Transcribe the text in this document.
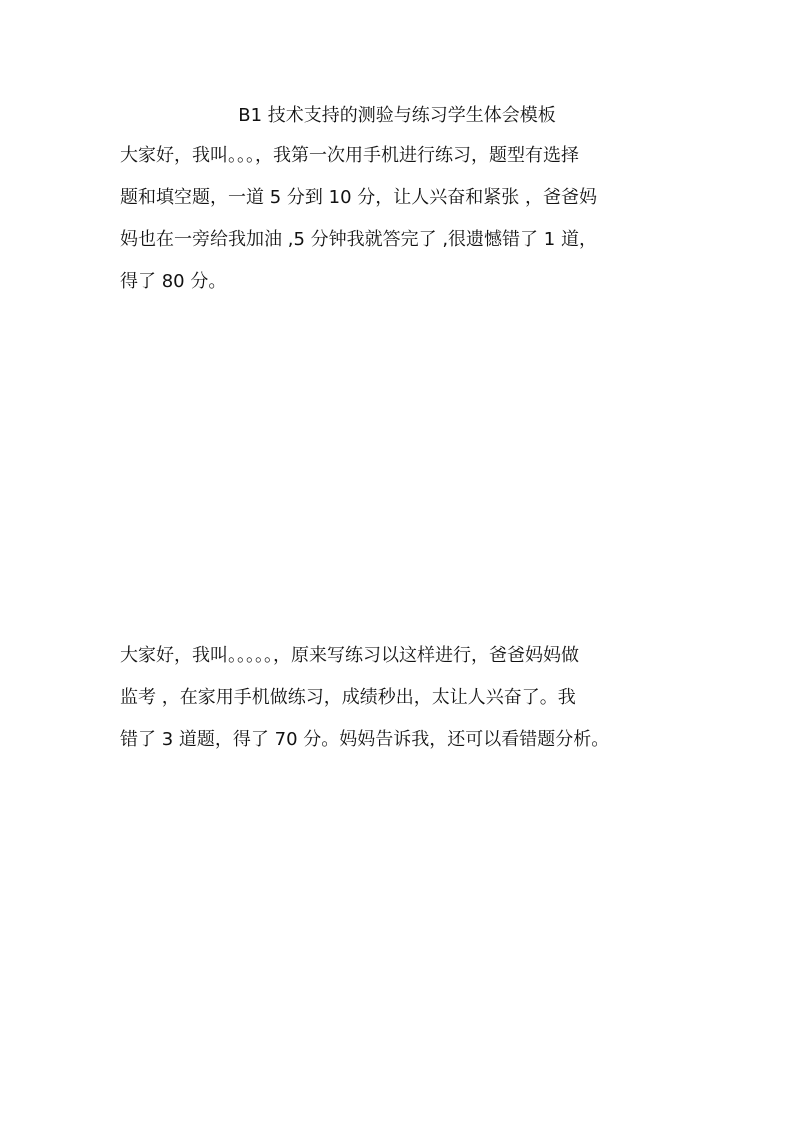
B1 技术支持的测验与练习学生体会模板
大家好，我叫。。。，我第一次用手机进行练习，题型有选择
题和填空题，一道 5 分到 10 分，让人兴奋和紧张 ，爸爸妈
妈也在一旁给我加油 ,5 分钟我就答完了 ,很遗憾错了 1 道，
得了 80 分。
大家好，我叫。。。。。，原来写练习以这样进行，爸爸妈妈做
监考 ，在家用手机做练习，成绩秒出，太让人兴奋了。我
错了 3 道题，得了 70 分。妈妈告诉我，还可以看错题分析。
